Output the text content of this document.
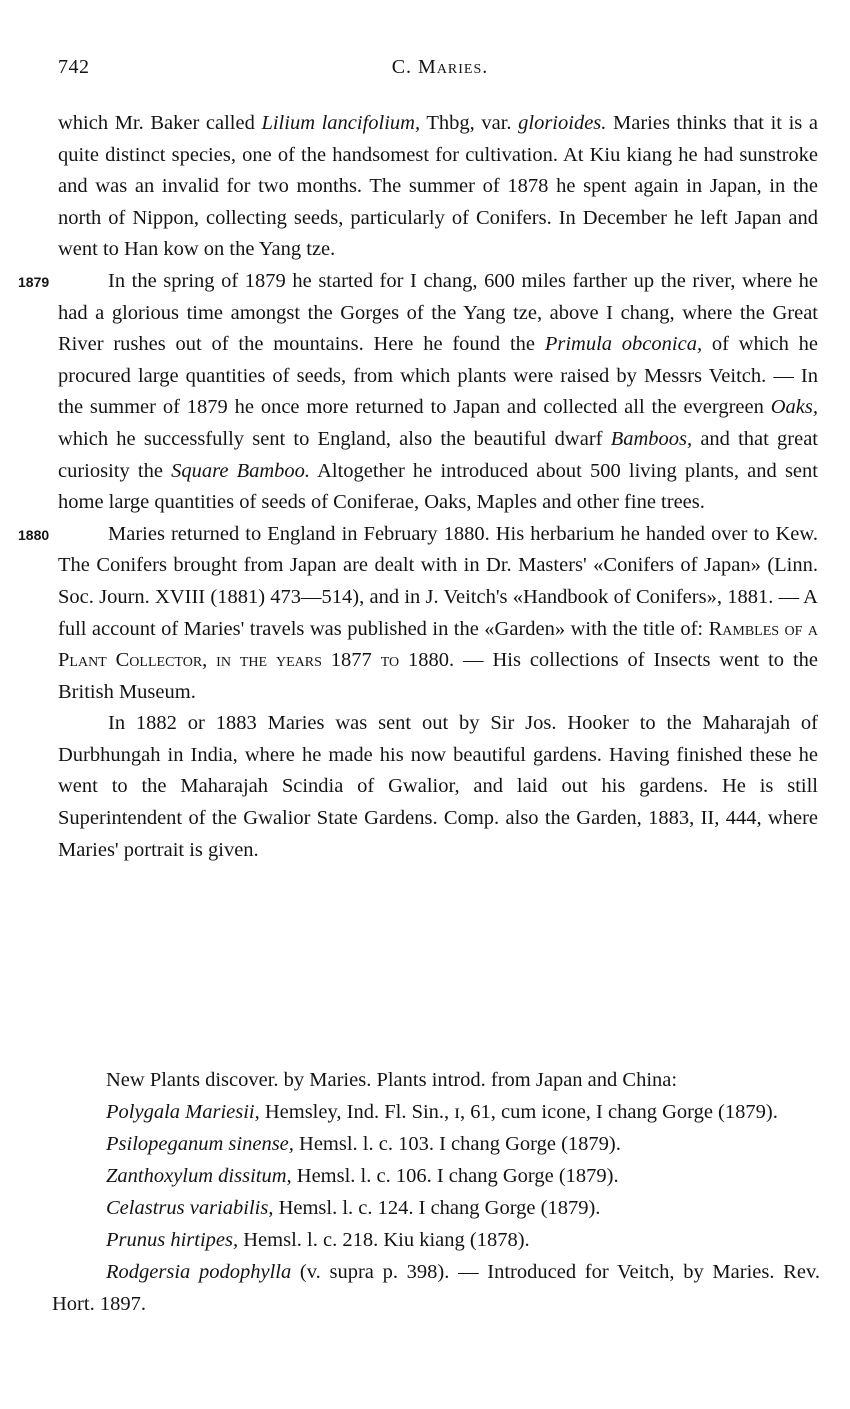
742	C. Maries.

which Mr. Baker called Lilium lancifolium, Thbg, var. glorioides. Maries thinks that it is a quite distinct species, one of the handsomest for cultivation. At Kiu kiang he had sunstroke and was an invalid for two months. The summer of 1878 he spent again in Japan, in the north of Nippon, collecting seeds, particularly of Conifers. In December he left Japan and went to Han kow on the Yang tze.

1879	In the spring of 1879 he started for I chang, 600 miles farther up the river, where he had a glorious time amongst the Gorges of the Yang tze, above I chang, where the Great River rushes out of the mountains. Here he found the Primula obconica, of which he procured large quantities of seeds, from which plants were raised by Messrs Veitch. — In the summer of 1879 he once more returned to Japan and collected all the evergreen Oaks, which he successfully sent to England, also the beautiful dwarf Bamboos, and that great curiosity the Square Bamboo. Altogether he introduced about 500 living plants, and sent home large quantities of seeds of Coniferae, Oaks, Maples and other fine trees.

1880	Maries returned to England in February 1880. His herbarium he handed over to Kew. The Conifers brought from Japan are dealt with in Dr. Masters' «Conifers of Japan» (Linn. Soc. Journ. XVIII (1881) 473—514), and in J. Veitch's «Handbook of Conifers», 1881. — A full account of Maries' travels was published in the «Garden» with the title of: Rambles of a Plant Collector, in the years 1877 to 1880. — His collections of Insects went to the British Museum.

In 1882 or 1883 Maries was sent out by Sir Jos. Hooker to the Maharajah of Durbhungah in India, where he made his now beautiful gardens. Having finished these he went to the Maharajah Scindia of Gwalior, and laid out his gardens. He is still Superintendent of the Gwalior State Gardens. Comp. also the Garden, 1883, II, 444, where Maries' portrait is given.

New Plants discover. by Maries. Plants introd. from Japan and China:

Polygala Mariesii, Hemsley, Ind. Fl. Sin., ɪ, 61, cum icone, I chang Gorge (1879).

Psilopeganum sinense, Hemsl. l. c. 103. I chang Gorge (1879).

Zanthoxylum dissitum, Hemsl. l. c. 106. I chang Gorge (1879).

Celastrus variabilis, Hemsl. l. c. 124. I chang Gorge (1879).

Prunus hirtipes, Hemsl. l. c. 218. Kiu kiang (1878).

Rodgersia podophylla (v. supra p. 398). — Introduced for Veitch, by Maries. Rev. Hort. 1897.
